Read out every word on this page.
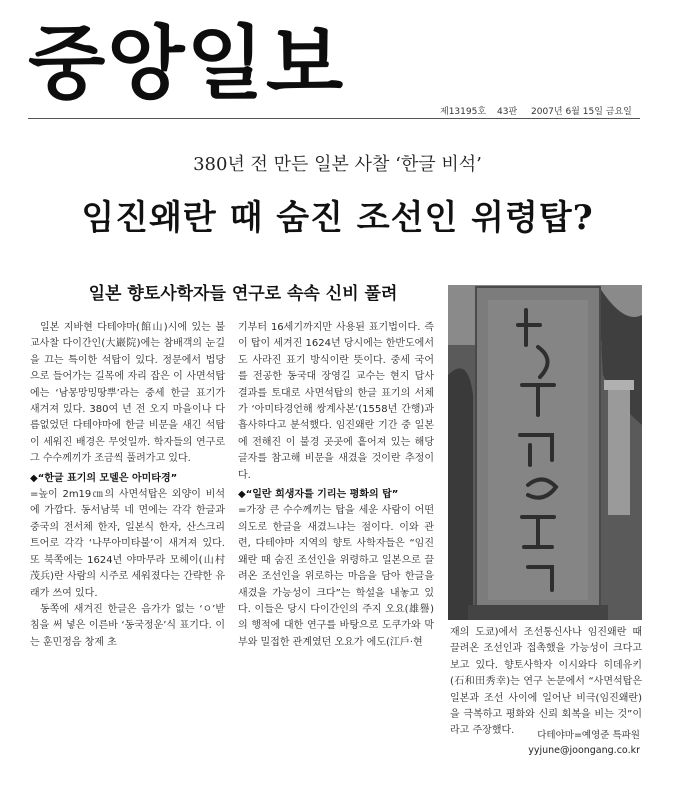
중앙일보
제13195호 43판 2007년 6월 15일 금요일
380년 전 만든 일본 사찰 ‘한글 비석’
임진왜란 때 숨진 조선인 위령탑?
일본 향토사학자들 연구로 속속 신비 풀려

일본 지바현 다테야마(館山)시에 있는 불교사찰 다이간인(大巖院)에는 참배객의 눈길을 끄는 특이한 석탑이 있다. 정문에서 법당으로 들어가는 길목에 자리 잡은 이 사면석탑에는 ‘남몽망밍땅뿌’라는 중세 한글 표기가 새겨져 있다. 380여 년 전 오지 마을이나 다름없었던 다테야마에 한글 비문을 새긴 석탑이 세워진 배경은 무엇일까. 학자들의 연구로 그 수수께끼가 조금씩 풀려가고 있다.

◆“한글 표기의 모델은 아미타경”

=높이 2m19㎝의 사면석탑은 외양이 비석에 가깝다. 동서남북 네 면에는 각각 한글과 중국의 전서체 한자, 일본식 한자, 산스크리트어로 각각 ‘나무아미타불’이 새겨져 있다. 또 북쪽에는 1624년 야마무라 모헤이(山村茂兵)란 사람의 시주로 세워졌다는 간략한 유래가 쓰여 있다.

동쪽에 새겨진 한글은 음가가 없는 ‘ㅇ’받침을 써 넣은 이른바 ‘동국정운’식 표기다. 이는 훈민정음 창제 초

기부터 16세기까지만 사용된 표기법이다. 즉 이 탑이 세겨진 1624년 당시에는 한반도에서도 사라진 표기 방식이란 뜻이다. 중세 국어를 전공한 동국대 장영길 교수는 현지 답사 결과를 토대로 사면석탑의 한글 표기의 서체가 ‘아미타경언해 쌍계사본’(1558년 간행)과 흡사하다고 분석했다. 임진왜란 기간 중 일본에 전해진 이 불경 곳곳에 흩어져 있는 해당 글자를 참고해 비문을 새겼을 것이란 추정이다.

◆“일란 희생자를 기리는 평화의 탑”

=가장 큰 수수께끼는 탑을 세운 사람이 어떤 의도로 한글을 새겼느냐는 점이다. 이와 관련, 다테야마 지역의 향토 사학자들은 “임진왜란 때 숨진 조선인을 위령하고 일본으로 끌려온 조선인을 위로하는 마음을 담아 한글을 새겼을 가능성이 크다”는 학설을 내놓고 있다. 이들은 당시 다이간인의 주지 오요(雄譽)의 행적에 대한 연구를 바탕으로 도쿠가와 막부와 밀접한 관계였던 오요가 에도(江戶·현

재의 도쿄)에서 조선통신사나 임진왜란 때 끌려온 조선인과 접촉했을 가능성이 크다고 보고 있다. 향토사학자 이시와다 히데유키(石和田秀幸)는 연구 논문에서 “사면석탑은 일본과 조선 사이에 일어난 비극(임진왜란)을 극복하고 평화와 신뢰 회복을 비는 것”이라고 주장했다.	다테야마=예영준 특파원
yyjune@joongang.co.kr
